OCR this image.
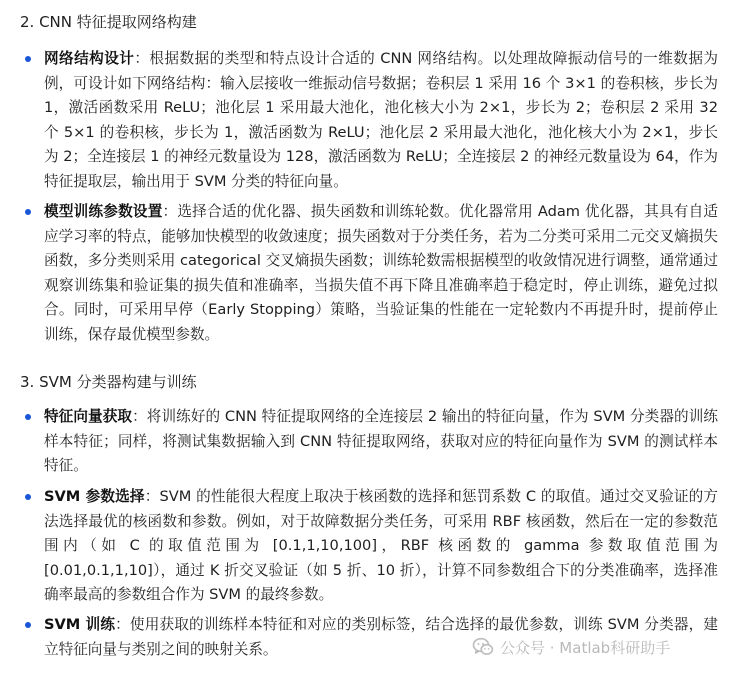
2. CNN 特征提取网络构建
网络结构设计：根据数据的类型和特点设计合适的 CNN 网络结构。以处理故障振动信号的一维数据为例，可设计如下网络结构：输入层接收一维振动信号数据；卷积层 1 采用 16 个 3×1 的卷积核，步长为 1，激活函数采用 ReLU；池化层 1 采用最大池化，池化核大小为 2×1，步长为 2；卷积层 2 采用 32 个 5×1 的卷积核，步长为 1，激活函数为 ReLU；池化层 2 采用最大池化，池化核大小为 2×1，步长为 2；全连接层 1 的神经元数量设为 128，激活函数为 ReLU；全连接层 2 的神经元数量设为 64，作为特征提取层，输出用于 SVM 分类的特征向量。
模型训练参数设置：选择合适的优化器、损失函数和训练轮数。优化器常用 Adam 优化器，其具有自适应学习率的特点，能够加快模型的收敛速度；损失函数对于分类任务，若为二分类可采用二元交叉熵损失函数，多分类则采用 categorical 交叉熵损失函数；训练轮数需根据模型的收敛情况进行调整，通常通过观察训练集和验证集的损失值和准确率，当损失值不再下降且准确率趋于稳定时，停止训练，避免过拟合。同时，可采用早停（Early Stopping）策略，当验证集的性能在一定轮数内不再提升时，提前停止训练，保存最优模型参数。
3. SVM 分类器构建与训练
特征向量获取：将训练好的 CNN 特征提取网络的全连接层 2 输出的特征向量，作为 SVM 分类器的训练样本特征；同样，将测试集数据输入到 CNN 特征提取网络，获取对应的特征向量作为 SVM 的测试样本特征。
SVM 参数选择：SVM 的性能很大程度上取决于核函数的选择和惩罚系数 C 的取值。通过交叉验证的方法选择最优的核函数和参数。例如，对于故障数据分类任务，可采用 RBF 核函数，然后在一定的参数范围内（如 C 的取值范围为 [0.1,1,10,100]，RBF 核函数的 gamma 参数取值范围为 [0.01,0.1,1,10]），通过 K 折交叉验证（如 5 折、10 折），计算不同参数组合下的分类准确率，选择准确率最高的参数组合作为 SVM 的最终参数。
SVM 训练：使用获取的训练样本特征和对应的类别标签，结合选择的最优参数，训练 SVM 分类器，建立特征向量与类别之间的映射关系。	公众号 · Matlab科研助手
